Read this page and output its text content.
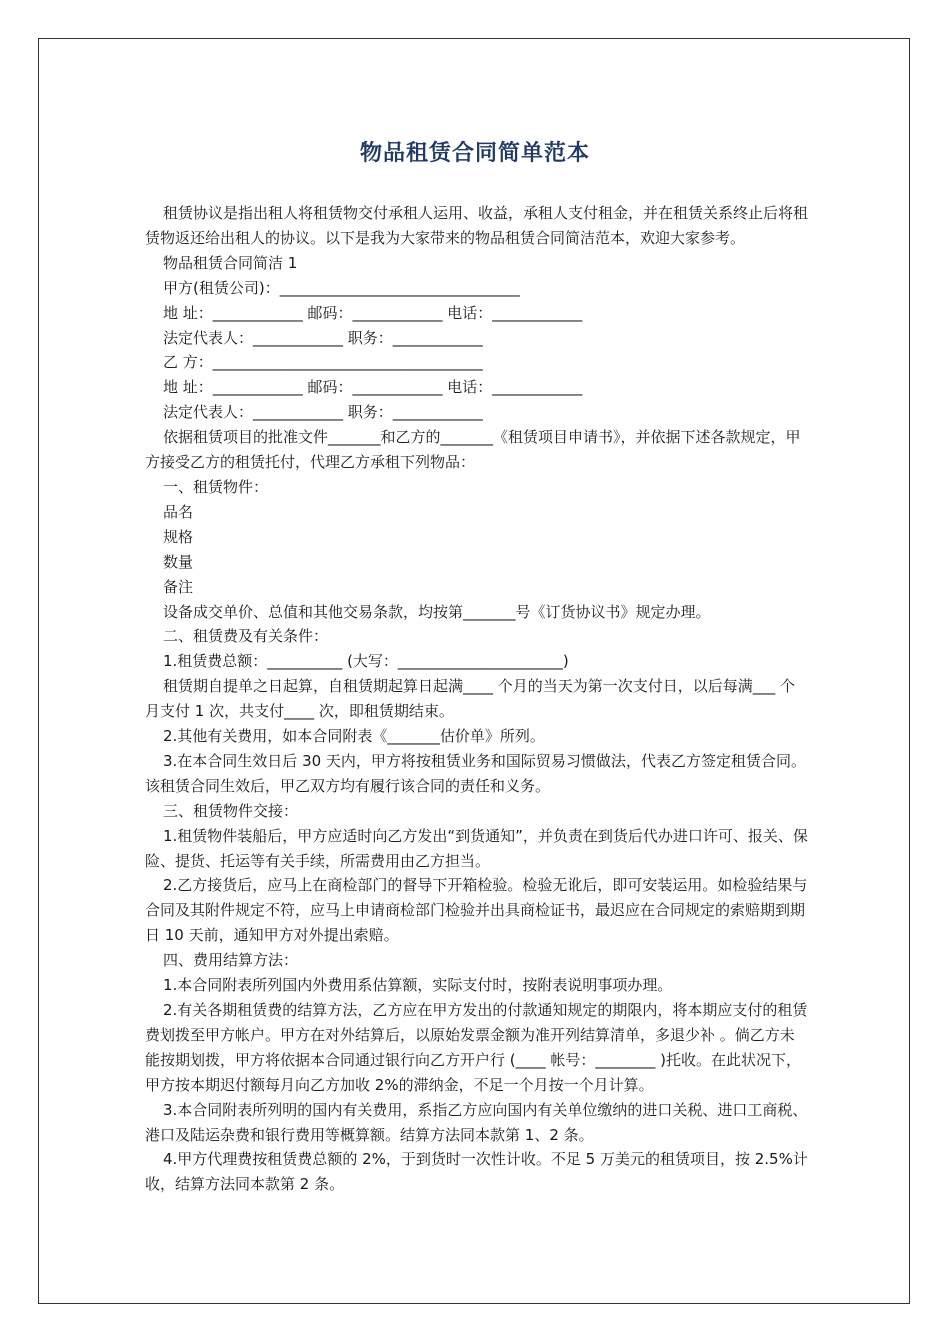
物品租赁合同简单范本

租赁协议是指出租人将租赁物交付承租人运用、收益，承租人支付租金，并在租赁关系终止后将租赁物返还给出租人的协议。以下是我为大家带来的物品租赁合同简洁范本，欢迎大家参考。

物品租赁合同简洁 1

甲方(租赁公司)：________________________________

地 址：____________ 邮码：____________ 电话：____________

法定代表人：____________ 职务：____________

乙 方：____________________________________

地 址：____________ 邮码：____________ 电话：____________

法定代表人：____________ 职务：____________

依据租赁项目的批准文件_______和乙方的_______《租赁项目申请书》，并依据下述各款规定，甲方接受乙方的租赁托付，代理乙方承租下列物品：

一、租赁物件：

品名

规格

数量

备注

设备成交单价、总值和其他交易条款，均按第_______号《订货协议书》规定办理。

二、租赁费及有关条件：

1.租赁费总额：__________ (大写：______________________)

租赁期自提单之日起算，自租赁期起算日起满____ 个月的当天为第一次支付日，以后每满___ 个月支付 1 次，共支付____ 次，即租赁期结束。

2.其他有关费用，如本合同附表《_______估价单》所列。

3.在本合同生效日后 30 天内，甲方将按租赁业务和国际贸易习惯做法，代表乙方签定租赁合同。该租赁合同生效后，甲乙双方均有履行该合同的责任和义务。

三、租赁物件交接：

1.租赁物件装船后，甲方应适时向乙方发出“到货通知”，并负责在到货后代办进口许可、报关、保险、提货、托运等有关手续，所需费用由乙方担当。

2.乙方接货后，应马上在商检部门的督导下开箱检验。检验无讹后，即可安装运用。如检验结果与合同及其附件规定不符，应马上申请商检部门检验并出具商检证书，最迟应在合同规定的索赔期到期日 10 天前，通知甲方对外提出索赔。

四、费用结算方法：

1.本合同附表所列国内外费用系估算额，实际支付时，按附表说明事项办理。

2.有关各期租赁费的结算方法，乙方应在甲方发出的付款通知规定的期限内，将本期应支付的租赁费划拨至甲方帐户。甲方在对外结算后，以原始发票金额为准开列结算清单，多退少补 。倘乙方未能按期划拨，甲方将依据本合同通过银行向乙方开户行 (____ 帐号：________ )托收。在此状况下，甲方按本期迟付额每月向乙方加收 2%的滞纳金，不足一个月按一个月计算。

3.本合同附表所列明的国内有关费用，系指乙方应向国内有关单位缴纳的进口关税、进口工商税、港口及陆运杂费和银行费用等概算额。结算方法同本款第 1、2 条。

4.甲方代理费按租赁费总额的 2%，于到货时一次性计收。不足 5 万美元的租赁项目，按 2.5%计收，结算方法同本款第 2 条。
